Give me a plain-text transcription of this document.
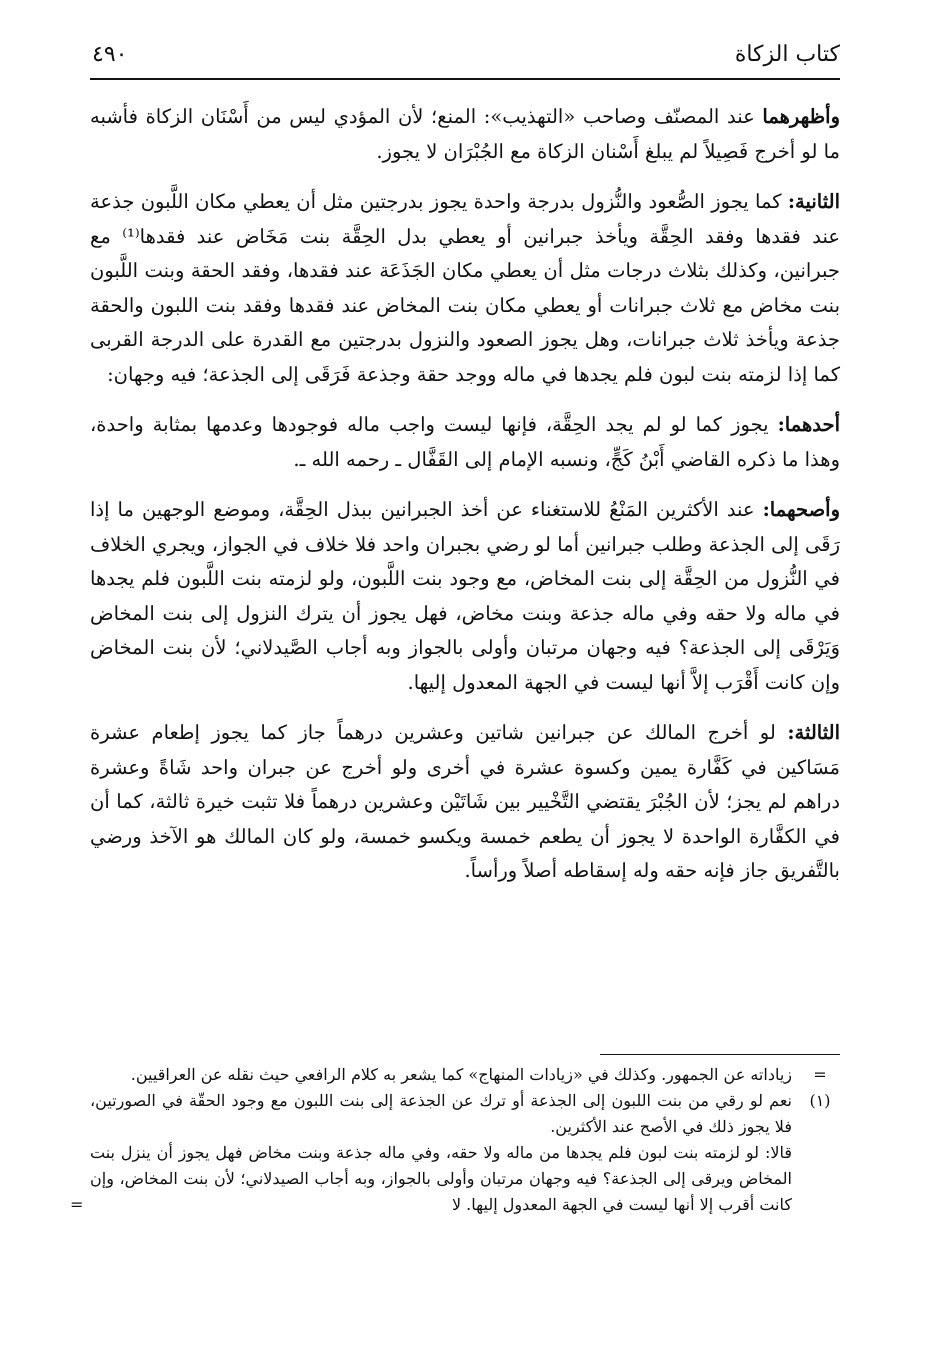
٤٩٠	كتاب الزكاة

وأظهرهما عند المصنّف وصاحب «التهذيب»: المنع؛ لأن المؤدي ليس من أَسْنَان الزكاة فأشبه ما لو أخرج فَصِيلاً لم يبلغ أَسْنان الزكاة مع الجُبْرَان لا يجوز.

الثانية: كما يجوز الصُّعود والنُّزول بدرجة واحدة يجوز بدرجتين مثل أن يعطي مكان اللَّبون جذعة عند فقدها وفقد الحِقَّة ويأخذ جبرانين أو يعطي بدل الحِقَّة بنت مَخَاض عند فقدها⁽¹⁾ مع جبرانين، وكذلك بثلاث درجات مثل أن يعطي مكان الجَذَعَة عند فقدها، وفقد الحقة وبنت اللَّبون بنت مخاض مع ثلاث جبرانات أو يعطي مكان بنت المخاض عند فقدها وفقد بنت اللبون والحقة جذعة ويأخذ ثلاث جبرانات، وهل يجوز الصعود والنزول بدرجتين مع القدرة على الدرجة القربى كما إذا لزمته بنت لبون فلم يجدها في ماله ووجد حقة وجذعة فَرَقَى إلى الجذعة؛ فيه وجهان:

أحدهما: يجوز كما لو لم يجد الحِقَّة، فإنها ليست واجب ماله فوجودها وعدمها بمثابة واحدة، وهذا ما ذكره القاضي أَبْنُ كَجٍّ، ونسبه الإمام إلى القَفَّال ـ رحمه الله ـ.

وأصحهما: عند الأكثرين المَنْعُ للاستغناء عن أخذ الجبرانين ببذل الحِقَّة، وموضع الوجهين ما إذا رَقَى إلى الجذعة وطلب جبرانين أما لو رضي بجبران واحد فلا خلاف في الجواز، ويجري الخلاف في النُّزول من الحِقَّة إلى بنت المخاض، مع وجود بنت اللَّبون، ولو لزمته بنت اللَّبون فلم يجدها في ماله ولا حقه وفي ماله جذعة وبنت مخاض، فهل يجوز أن يترك النزول إلى بنت المخاض وَيَرْقَى إلى الجذعة؟ فيه وجهان مرتبان وأولى بالجواز وبه أجاب الصَّيدلاني؛ لأن بنت المخاض وإن كانت أَقْرَب إلاَّ أنها ليست في الجهة المعدول إليها.

الثالثة: لو أخرج المالك عن جبرانين شاتين وعشرين درهماً جاز كما يجوز إطعام عشرة مَسَاكين في كَفَّارة يمين وكسوة عشرة في أخرى ولو أخرج عن جبران واحد شَاةً وعشرة دراهم لم يجز؛ لأن الجُبْرَ يقتضي التَّخْيير بين شَاتَيْن وعشرين درهماً فلا تثبت خيرة ثالثة، كما أن في الكفَّارة الواحدة لا يجوز أن يطعم خمسة ويكسو خمسة، ولو كان المالك هو الآخذ ورضي بالتَّفريق جاز فإنه حقه وله إسقاطه أصلاً ورأساً.

=
زياداته عن الجمهور. وكذلك في «زيادات المنهاج» كما يشعر به كلام الرافعي حيث نقله عن العراقيين.

(١)
نعم لو رقي من بنت اللبون إلى الجذعة أو ترك عن الجذعة إلى بنت اللبون مع وجود الحقّة في الصورتين، فلا يجوز ذلك في الأصح عند الأكثرين.

قالا: لو لزمته بنت لبون فلم يجدها من ماله ولا حقه، وفي ماله جذعة وبنت مخاض فهل يجوز أن ينزل بنت المخاض ويرقى إلى الجذعة؟ فيه وجهان مرتبان وأولى بالجواز، وبه أجاب الصيدلاني؛ لأن بنت المخاض، وإن كانت أقرب إلا أنها ليست في الجهة المعدول إليها. لا
=
